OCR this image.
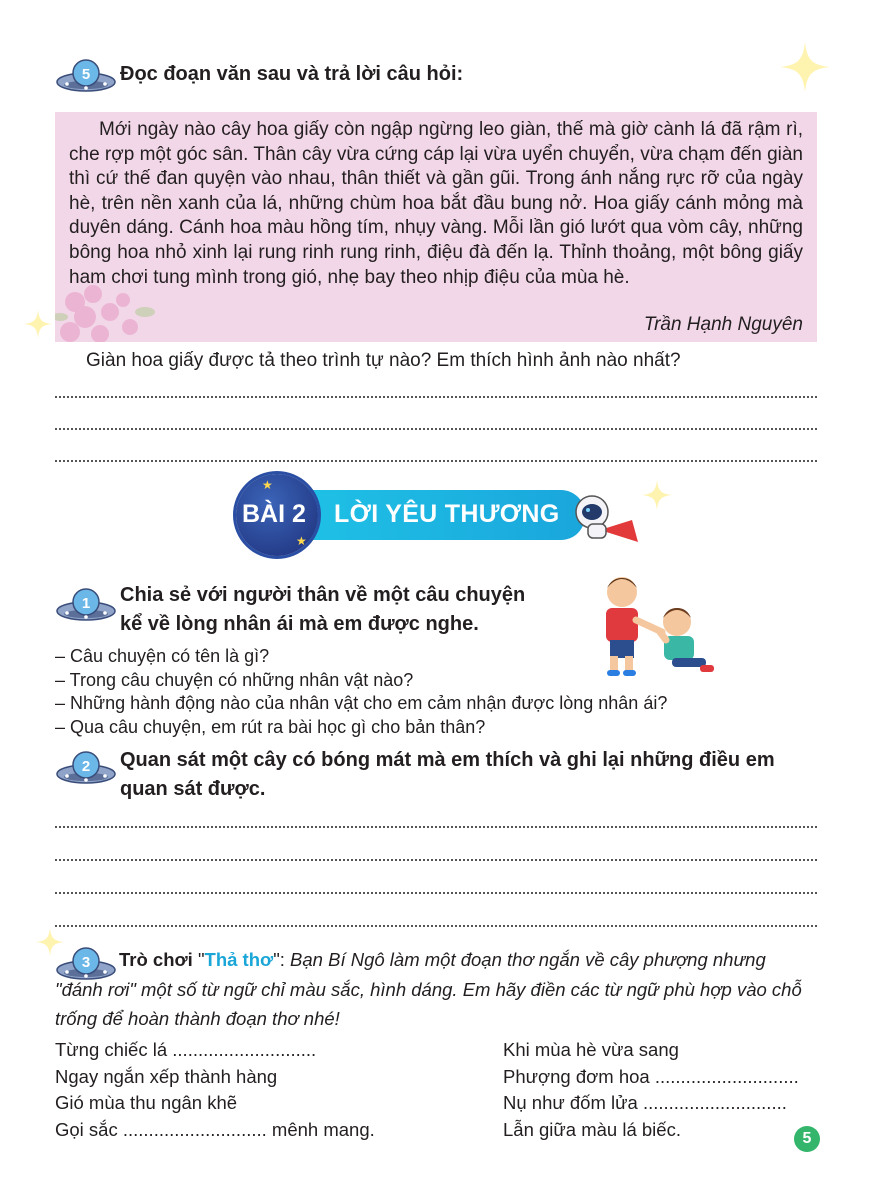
5 Đọc đoạn văn sau và trả lời câu hỏi:
Mới ngày nào cây hoa giấy còn ngập ngừng leo giàn, thế mà giờ cành lá đã rậm rì, che rợp một góc sân. Thân cây vừa cứng cáp lại vừa uyển chuyển, vừa chạm đến giàn thì cứ thế đan quyện vào nhau, thân thiết và gần gũi. Trong ánh nắng rực rỡ của ngày hè, trên nền xanh của lá, những chùm hoa bắt đầu bung nở. Hoa giấy cánh mỏng mà duyên dáng. Cánh hoa màu hồng tím, nhụy vàng. Mỗi lần gió lướt qua vòm cây, những bông hoa nhỏ xinh lại rung rinh rung rinh, điệu đà đến lạ. Thỉnh thoảng, một bông giấy ham chơi tung mình trong gió, nhẹ bay theo nhịp điệu của mùa hè.
Trần Hạnh Nguyên
Giàn hoa giấy được tả theo trình tự nào? Em thích hình ảnh nào nhất?
LỜI YÊU THƯƠNG
BÀI 2
★
★
1 Chia sẻ với người thân về một câu chuyện
kể về lòng nhân ái mà em được nghe.
– Câu chuyện có tên là gì?
– Trong câu chuyện có những nhân vật nào?
– Những hành động nào của nhân vật cho em cảm nhận được lòng nhân ái?
– Qua câu chuyện, em rút ra bài học gì cho bản thân?
2 Quan sát một cây có bóng mát mà em thích và ghi lại những điều em
quan sát được.
3	Trò chơi "Thả thơ": Bạn Bí Ngô làm một đoạn thơ ngắn về cây phượng nhưng "đánh rơi" một số từ ngữ chỉ màu sắc, hình dáng. Em hãy điền các từ ngữ phù hợp vào chỗ trống để hoàn thành đoạn thơ nhé!
Từng chiếc lá ............................
Ngay ngắn xếp thành hàng
Gió mùa thu ngân khẽ
Gọi sắc ............................ mênh mang.
Khi mùa hè vừa sang
Phượng đơm hoa ............................
Nụ như đốm lửa ............................
Lẫn giữa màu lá biếc.	5
